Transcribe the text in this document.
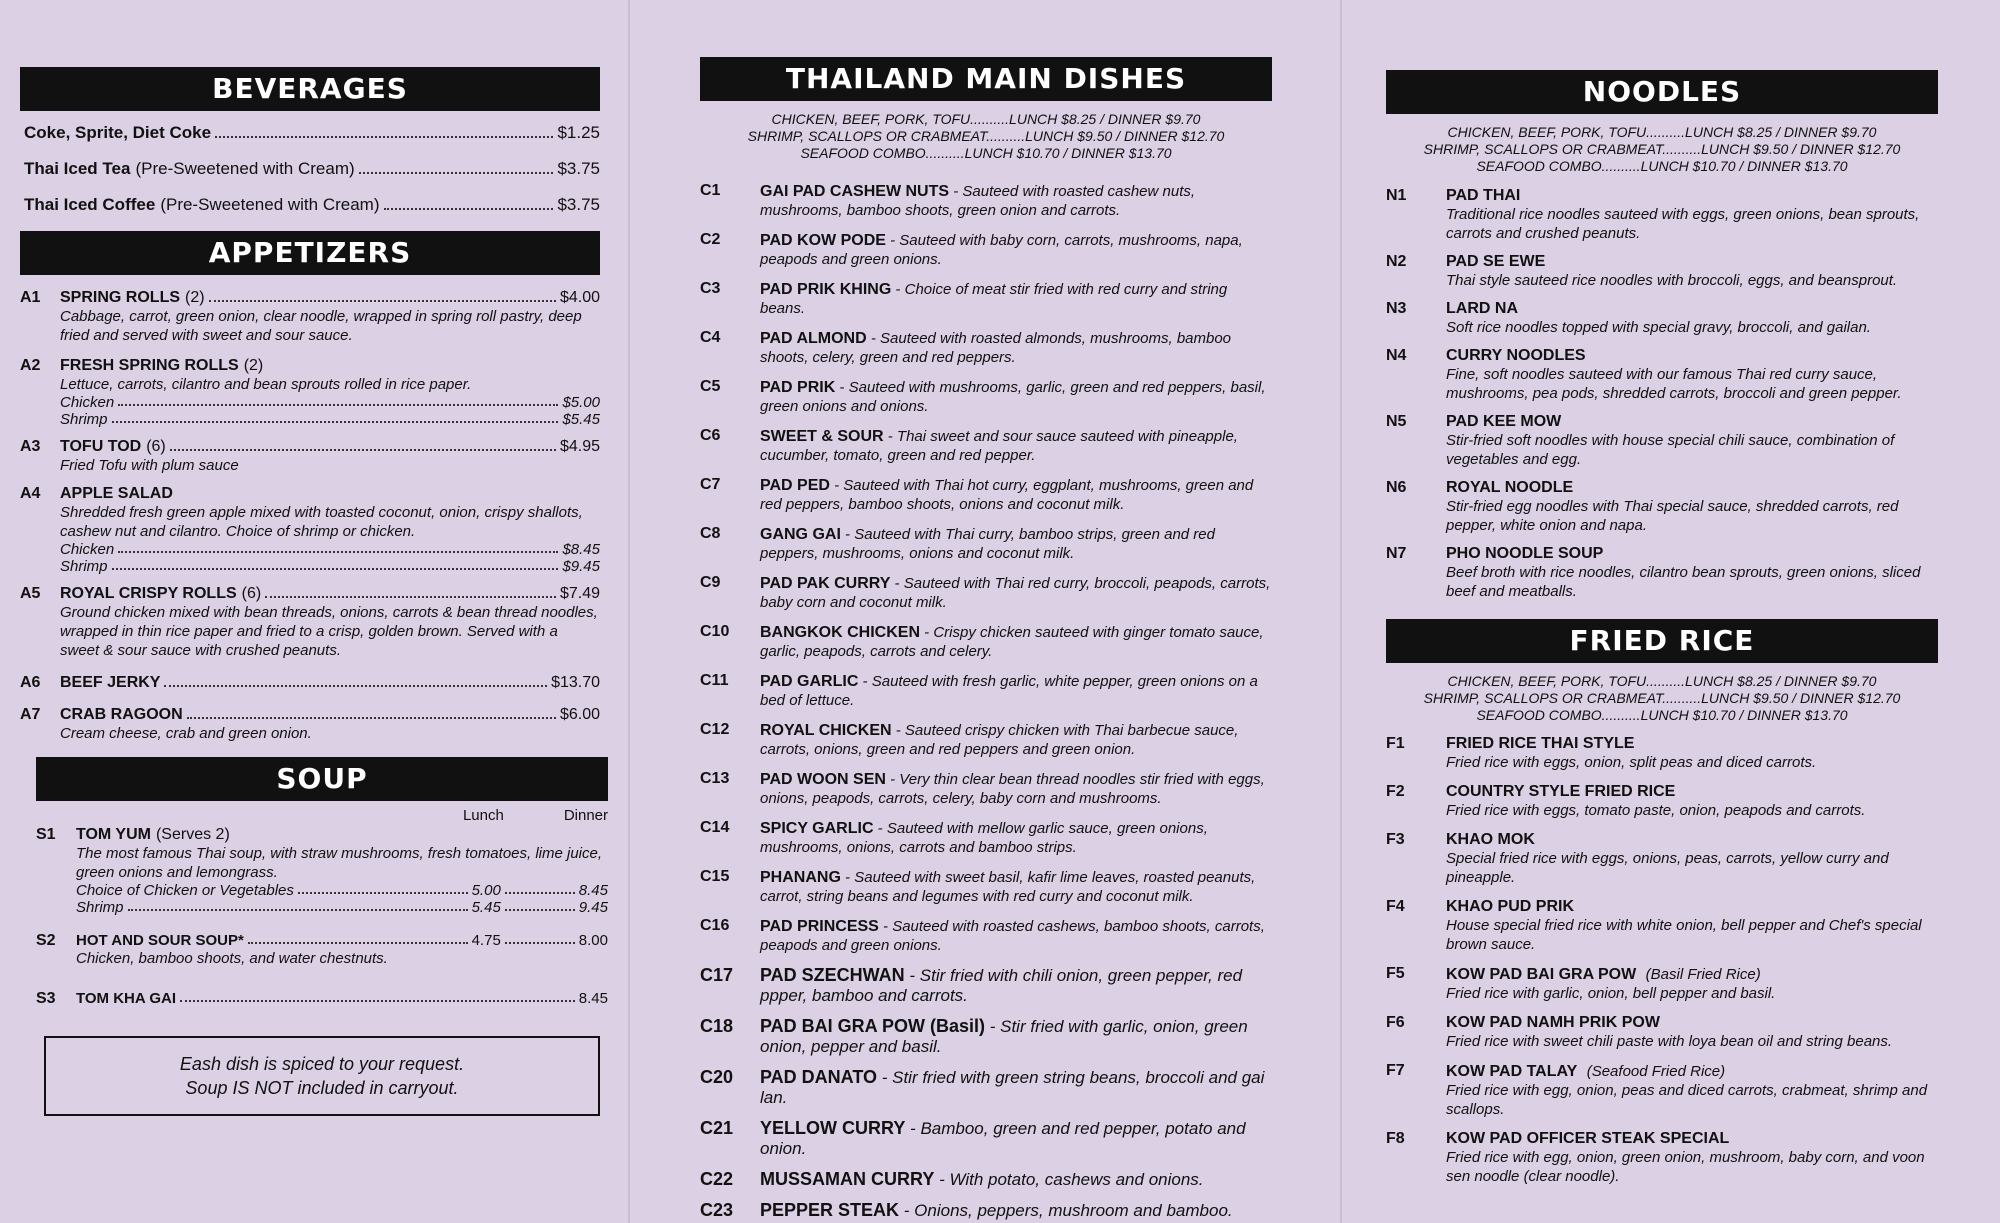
BEVERAGES
Coke, Sprite, Diet Coke	$1.25
Thai Iced Tea (Pre-Sweetened with Cream)	$3.75
Thai Iced Coffee (Pre-Sweetened with Cream)	$3.75
APPETIZERS
A1	SPRING ROLLS (2)	$4.00
Cabbage, carrot, green onion, clear noodle, wrapped in spring roll pastry, deep fried and served with sweet and sour sauce.
A2	FRESH SPRING ROLLS (2)
Lettuce, carrots, cilantro and bean sprouts rolled in rice paper.
Chicken	$5.00
Shrimp	$5.45
A3	TOFU TOD (6)	$4.95
Fried Tofu with plum sauce
A4	APPLE SALAD
Shredded fresh green apple mixed with toasted coconut, onion, crispy shallots, cashew nut and cilantro. Choice of shrimp or chicken.
Chicken	$8.45
Shrimp	$9.45
A5	ROYAL CRISPY ROLLS (6)	$7.49
Ground chicken mixed with bean threads, onions, carrots & bean thread noodles, wrapped in thin rice paper and fried to a crisp, golden brown. Served with a sweet & sour sauce with crushed peanuts.
A6	BEEF JERKY	$13.70
A7	CRAB RAGOON	$6.00
Cream cheese, crab and green onion.
SOUP
Lunch	Dinner
S1	TOM YUM (Serves 2)
The most famous Thai soup, with straw mushrooms, fresh tomatoes, lime juice, green onions and lemongrass.
Choice of Chicken or Vegetables	5.00	8.45
Shrimp	5.45	9.45
S2	HOT AND SOUR SOUP*	4.75	8.00
Chicken, bamboo shoots, and water chestnuts.
S3	TOM KHA GAI	8.45
Eash dish is spiced to your request.
Soup IS NOT included in carryout.
THAILAND MAIN DISHES
CHICKEN, BEEF, PORK, TOFU..........LUNCH $8.25 / DINNER $9.70
SHRIMP, SCALLOPS OR CRABMEAT..........LUNCH $9.50 / DINNER $12.70
SEAFOOD COMBO..........LUNCH $10.70 / DINNER $13.70
C1	GAI PAD CASHEW NUTS - Sauteed with roasted cashew nuts, mushrooms, bamboo shoots, green onion and carrots.
C2	PAD KOW PODE - Sauteed with baby corn, carrots, mushrooms, napa, peapods and green onions.
C3	PAD PRIK KHING - Choice of meat stir fried with red curry and string beans.
C4	PAD ALMOND - Sauteed with roasted almonds, mushrooms, bamboo shoots, celery, green and red peppers.
C5	PAD PRIK - Sauteed with mushrooms, garlic, green and red peppers, basil, green onions and onions.
C6	SWEET & SOUR - Thai sweet and sour sauce sauteed with pineapple, cucumber, tomato, green and red pepper.
C7	PAD PED - Sauteed with Thai hot curry, eggplant, mushrooms, green and red peppers, bamboo shoots, onions and coconut milk.
C8	GANG GAI - Sauteed with Thai curry, bamboo strips, green and red peppers, mushrooms, onions and coconut milk.
C9	PAD PAK CURRY - Sauteed with Thai red curry, broccoli, peapods, carrots, baby corn and coconut milk.
C10	BANGKOK CHICKEN - Crispy chicken sauteed with ginger tomato sauce, garlic, peapods, carrots and celery.
C11	PAD GARLIC - Sauteed with fresh garlic, white pepper, green onions on a bed of lettuce.
C12	ROYAL CHICKEN - Sauteed crispy chicken with Thai barbecue sauce, carrots, onions, green and red peppers and green onion.
C13	PAD WOON SEN - Very thin clear bean thread noodles stir fried with eggs, onions, peapods, carrots, celery, baby corn and mushrooms.
C14	SPICY GARLIC - Sauteed with mellow garlic sauce, green onions, mushrooms, onions, carrots and bamboo strips.
C15	PHANANG - Sauteed with sweet basil, kafir lime leaves, roasted peanuts, carrot, string beans and legumes with red curry and coconut milk.
C16	PAD PRINCESS - Sauteed with roasted cashews, bamboo shoots, carrots, peapods and green onions.
C17	PAD SZECHWAN - Stir fried with chili onion, green pepper, red ppper, bamboo and carrots.
C18	PAD BAI GRA POW (Basil) - Stir fried with garlic, onion, green onion, pepper and basil.
C20	PAD DANATO - Stir fried with green string beans, broccoli and gai lan.
C21	YELLOW CURRY - Bamboo, green and red pepper, potato and onion.
C22	MUSSAMAN CURRY - With potato, cashews and onions.
C23	PEPPER STEAK - Onions, peppers, mushroom and bamboo.
NOODLES
CHICKEN, BEEF, PORK, TOFU..........LUNCH $8.25 / DINNER $9.70
SHRIMP, SCALLOPS OR CRABMEAT..........LUNCH $9.50 / DINNER $12.70
SEAFOOD COMBO..........LUNCH $10.70 / DINNER $13.70
N1	PAD THAI
Traditional rice noodles sauteed with eggs, green onions, bean sprouts, carrots and crushed peanuts.
N2	PAD SE EWE
Thai style sauteed rice noodles with broccoli, eggs, and beansprout.
N3	LARD NA
Soft rice noodles topped with special gravy, broccoli, and gailan.
N4	CURRY NOODLES
Fine, soft noodles sauteed with our famous Thai red curry sauce, mushrooms, pea pods, shredded carrots, broccoli and green pepper.
N5	PAD KEE MOW
Stir-fried soft noodles with house special chili sauce, combination of vegetables and egg.
N6	ROYAL NOODLE
Stir-fried egg noodles with Thai special sauce, shredded carrots, red pepper, white onion and napa.
N7	PHO NOODLE SOUP
Beef broth with rice noodles, cilantro bean sprouts, green onions, sliced beef and meatballs.
FRIED RICE
CHICKEN, BEEF, PORK, TOFU..........LUNCH $8.25 / DINNER $9.70
SHRIMP, SCALLOPS OR CRABMEAT..........LUNCH $9.50 / DINNER $12.70
SEAFOOD COMBO..........LUNCH $10.70 / DINNER $13.70
F1	FRIED RICE THAI STYLE
Fried rice with eggs, onion, split peas and diced carrots.
F2	COUNTRY STYLE FRIED RICE
Fried rice with eggs, tomato paste, onion, peapods and carrots.
F3	KHAO MOK
Special fried rice with eggs, onions, peas, carrots, yellow curry and pineapple.
F4	KHAO PUD PRIK
House special fried rice with white onion, bell pepper and Chef's special brown sauce.
F5	KOW PAD BAI GRA POW (Basil Fried Rice)
Fried rice with garlic, onion, bell pepper and basil.
F6	KOW PAD NAMH PRIK POW
Fried rice with sweet chili paste with loya bean oil and string beans.
F7	KOW PAD TALAY (Seafood Fried Rice)
Fried rice with egg, onion, peas and diced carrots, crabmeat, shrimp and scallops.
F8	KOW PAD OFFICER STEAK SPECIAL
Fried rice with egg, onion, green onion, mushroom, baby corn, and voon sen noodle (clear noodle).
